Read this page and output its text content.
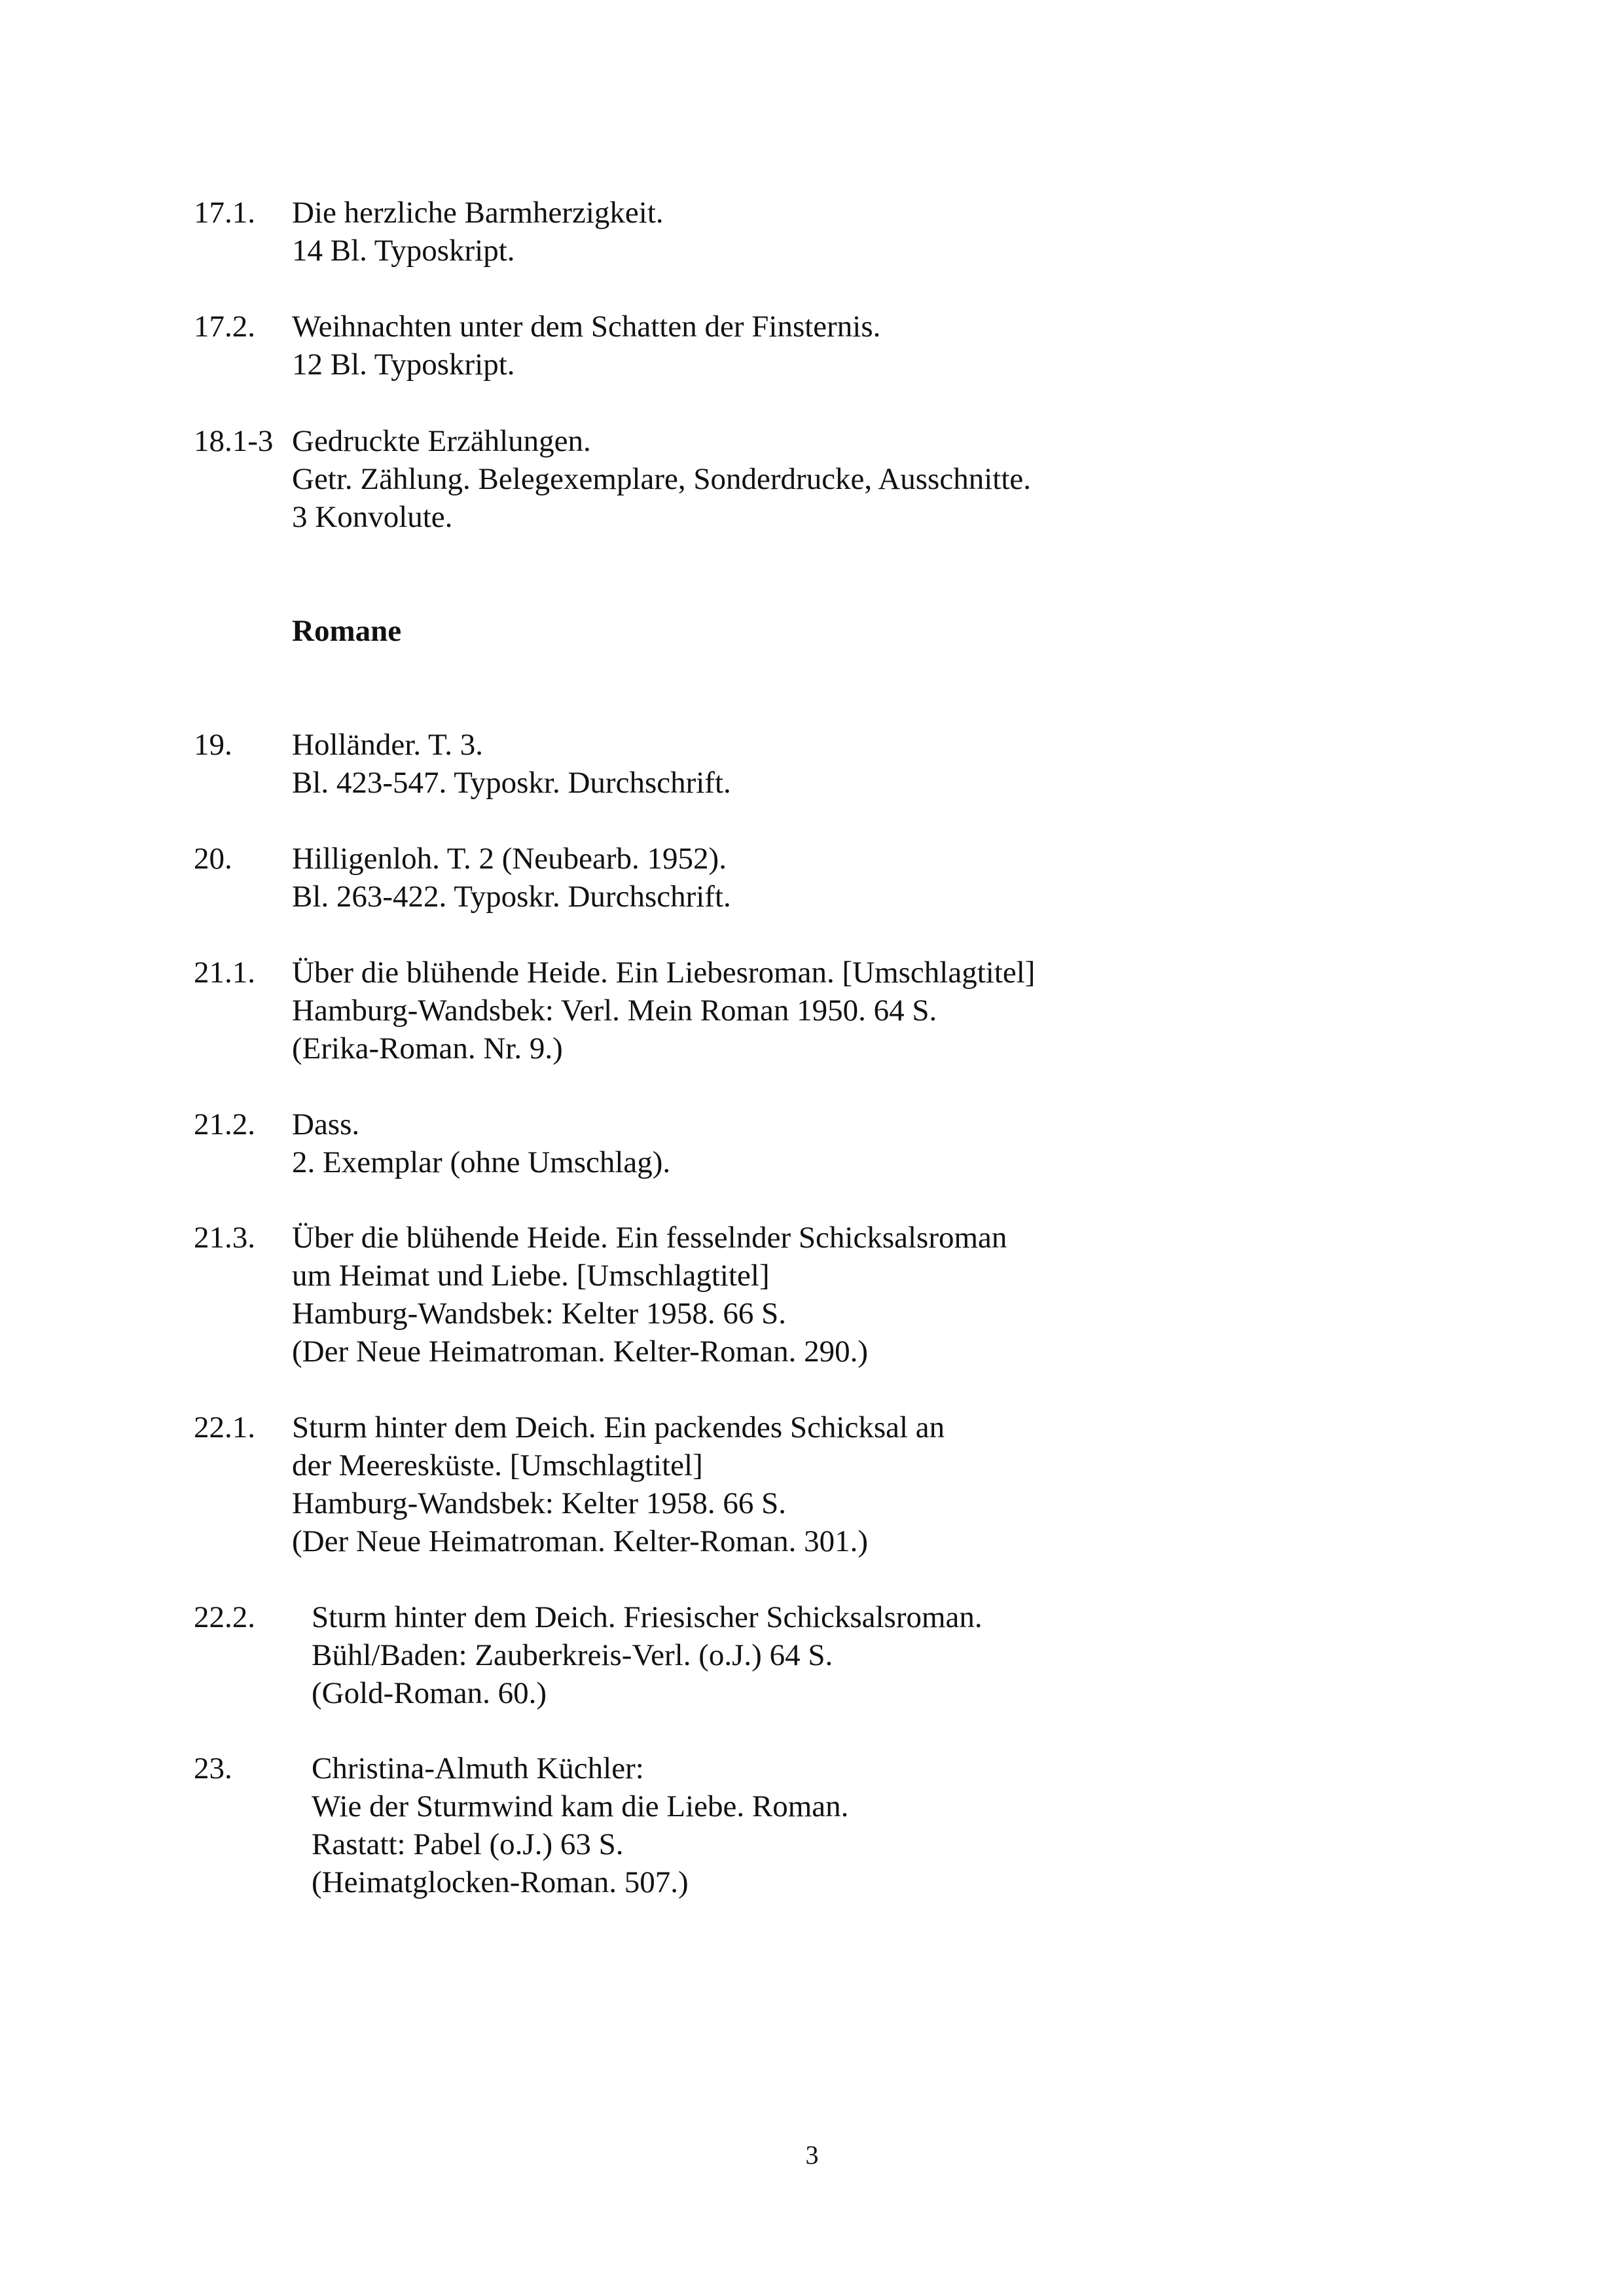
17.1. Die herzliche Barmherzigkeit.
14 Bl. Typoskript.
17.2. Weihnachten unter dem Schatten der Finsternis.
12 Bl. Typoskript.
18.1-3 Gedruckte Erzählungen.
Getr. Zählung. Belegexemplare, Sonderdrucke, Ausschnitte.
3 Konvolute.
Romane
19. Holländer. T. 3.
Bl. 423-547. Typoskr. Durchschrift.
20. Hilligenloh. T. 2 (Neubearb. 1952).
Bl. 263-422. Typoskr. Durchschrift.
21.1. Über die blühende Heide. Ein Liebesroman. [Umschlagtitel]
Hamburg-Wandsbek: Verl. Mein Roman 1950. 64 S.
(Erika-Roman. Nr. 9.)
21.2. Dass.
2. Exemplar (ohne Umschlag).
21.3. Über die blühende Heide. Ein fesselnder Schicksalsroman
um Heimat und Liebe. [Umschlagtitel]
Hamburg-Wandsbek: Kelter 1958. 66 S.
(Der Neue Heimatroman. Kelter-Roman. 290.)
22.1. Sturm hinter dem Deich. Ein packendes Schicksal an
der Meeresküste. [Umschlagtitel]
Hamburg-Wandsbek: Kelter 1958. 66 S.
(Der Neue Heimatroman. Kelter-Roman. 301.)
22.2. Sturm hinter dem Deich. Friesischer Schicksalsroman.
Bühl/Baden: Zauberkreis-Verl. (o.J.) 64 S.
(Gold-Roman. 60.)
23.	Christina-Almuth Küchler:
Wie der Sturmwind kam die Liebe. Roman.
Rastatt: Pabel (o.J.) 63 S.
(Heimatglocken-Roman. 507.)
3
